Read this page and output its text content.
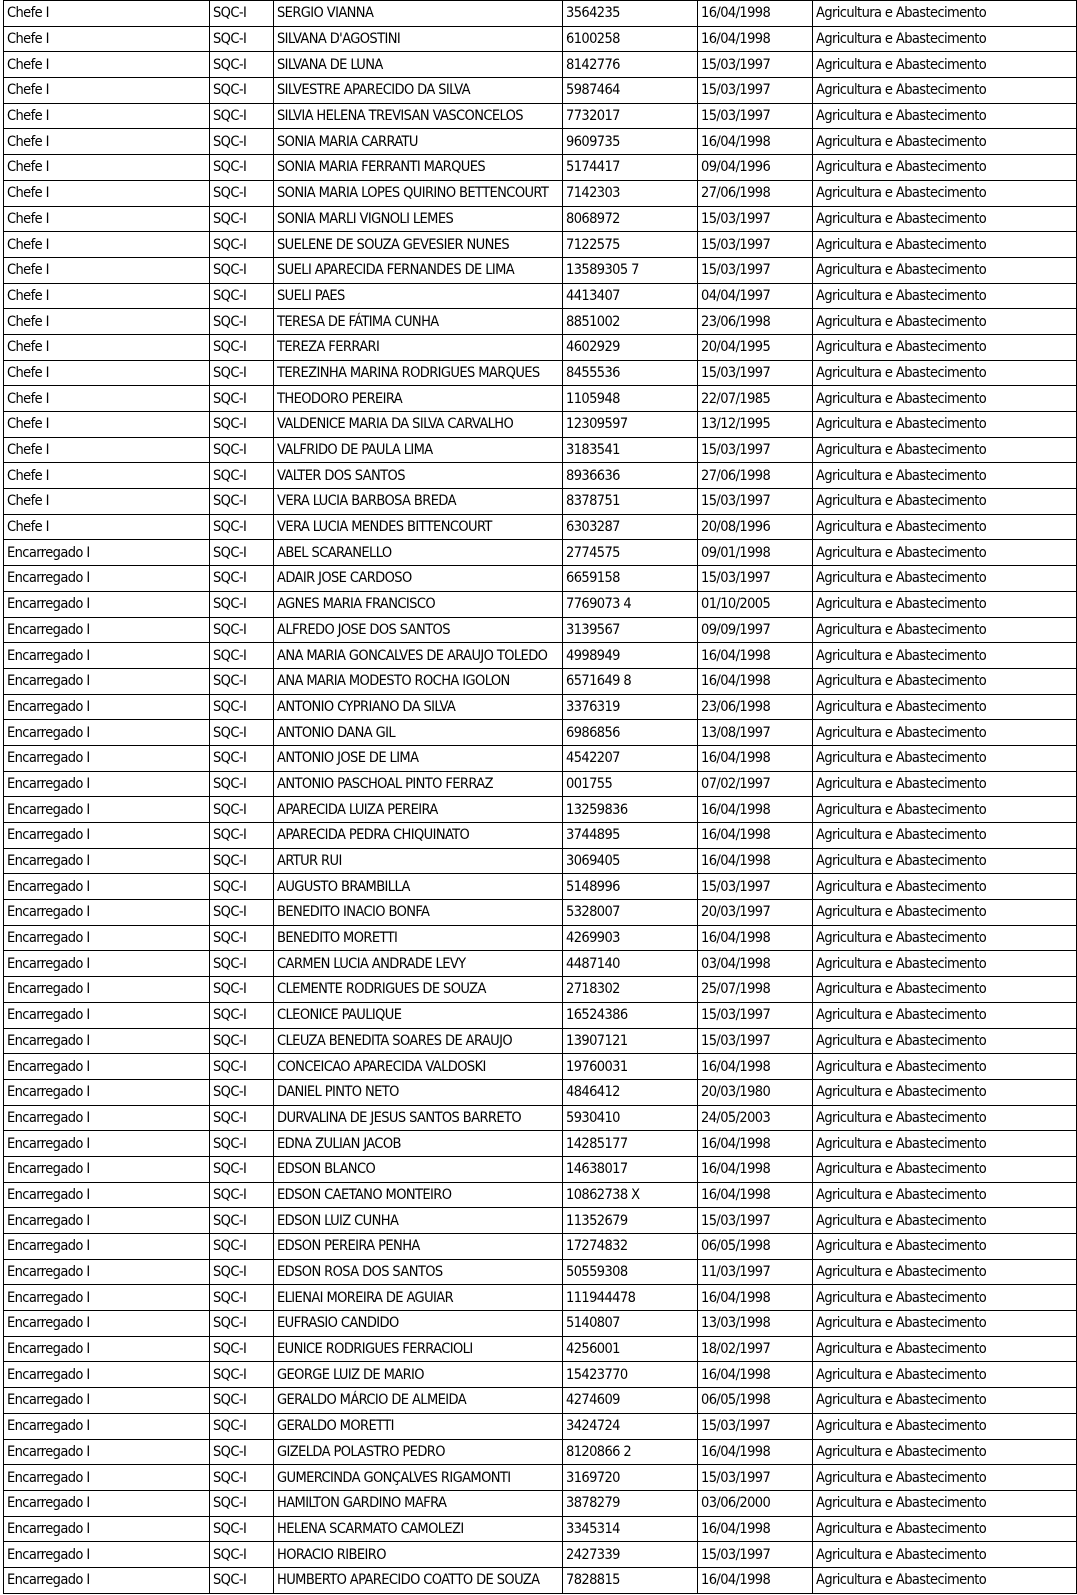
Chefe I	SQC-I	SERGIO VIANNA	3564235	16/04/1998	Agricultura e Abastecimento
Chefe I	SQC-I	SILVANA D'AGOSTINI	6100258	16/04/1998	Agricultura e Abastecimento
Chefe I	SQC-I	SILVANA DE LUNA	8142776	15/03/1997	Agricultura e Abastecimento
Chefe I	SQC-I	SILVESTRE APARECIDO DA SILVA	5987464	15/03/1997	Agricultura e Abastecimento
Chefe I	SQC-I	SILVIA HELENA TREVISAN VASCONCELOS	7732017	15/03/1997	Agricultura e Abastecimento
Chefe I	SQC-I	SONIA MARIA CARRATU	9609735	16/04/1998	Agricultura e Abastecimento
Chefe I	SQC-I	SONIA MARIA FERRANTI MARQUES	5174417	09/04/1996	Agricultura e Abastecimento
Chefe I	SQC-I	SONIA MARIA LOPES QUIRINO BETTENCOURT	7142303	27/06/1998	Agricultura e Abastecimento
Chefe I	SQC-I	SONIA MARLI VIGNOLI LEMES	8068972	15/03/1997	Agricultura e Abastecimento
Chefe I	SQC-I	SUELENE DE SOUZA GEVESIER NUNES	7122575	15/03/1997	Agricultura e Abastecimento
Chefe I	SQC-I	SUELI APARECIDA FERNANDES DE LIMA	13589305 7	15/03/1997	Agricultura e Abastecimento
Chefe I	SQC-I	SUELI PAES	4413407	04/04/1997	Agricultura e Abastecimento
Chefe I	SQC-I	TERESA DE FÁTIMA CUNHA	8851002	23/06/1998	Agricultura e Abastecimento
Chefe I	SQC-I	TEREZA FERRARI	4602929	20/04/1995	Agricultura e Abastecimento
Chefe I	SQC-I	TEREZINHA MARINA RODRIGUES MARQUES	8455536	15/03/1997	Agricultura e Abastecimento
Chefe I	SQC-I	THEODORO PEREIRA	1105948	22/07/1985	Agricultura e Abastecimento
Chefe I	SQC-I	VALDENICE MARIA DA SILVA CARVALHO	12309597	13/12/1995	Agricultura e Abastecimento
Chefe I	SQC-I	VALFRIDO DE PAULA LIMA	3183541	15/03/1997	Agricultura e Abastecimento
Chefe I	SQC-I	VALTER DOS SANTOS	8936636	27/06/1998	Agricultura e Abastecimento
Chefe I	SQC-I	VERA LUCIA BARBOSA BREDA	8378751	15/03/1997	Agricultura e Abastecimento
Chefe I	SQC-I	VERA LUCIA MENDES BITTENCOURT	6303287	20/08/1996	Agricultura e Abastecimento
Encarregado I	SQC-I	ABEL SCARANELLO	2774575	09/01/1998	Agricultura e Abastecimento
Encarregado I	SQC-I	ADAIR JOSE CARDOSO	6659158	15/03/1997	Agricultura e Abastecimento
Encarregado I	SQC-I	AGNES MARIA FRANCISCO	7769073 4	01/10/2005	Agricultura e Abastecimento
Encarregado I	SQC-I	ALFREDO JOSE DOS SANTOS	3139567	09/09/1997	Agricultura e Abastecimento
Encarregado I	SQC-I	ANA MARIA GONCALVES DE ARAUJO TOLEDO	4998949	16/04/1998	Agricultura e Abastecimento
Encarregado I	SQC-I	ANA MARIA MODESTO ROCHA IGOLON	6571649 8	16/04/1998	Agricultura e Abastecimento
Encarregado I	SQC-I	ANTONIO CYPRIANO DA SILVA	3376319	23/06/1998	Agricultura e Abastecimento
Encarregado I	SQC-I	ANTONIO DANA GIL	6986856	13/08/1997	Agricultura e Abastecimento
Encarregado I	SQC-I	ANTONIO JOSE DE LIMA	4542207	16/04/1998	Agricultura e Abastecimento
Encarregado I	SQC-I	ANTONIO PASCHOAL PINTO FERRAZ	001755	07/02/1997	Agricultura e Abastecimento
Encarregado I	SQC-I	APARECIDA LUIZA PEREIRA	13259836	16/04/1998	Agricultura e Abastecimento
Encarregado I	SQC-I	APARECIDA PEDRA CHIQUINATO	3744895	16/04/1998	Agricultura e Abastecimento
Encarregado I	SQC-I	ARTUR RUI	3069405	16/04/1998	Agricultura e Abastecimento
Encarregado I	SQC-I	AUGUSTO BRAMBILLA	5148996	15/03/1997	Agricultura e Abastecimento
Encarregado I	SQC-I	BENEDITO INACIO BONFA	5328007	20/03/1997	Agricultura e Abastecimento
Encarregado I	SQC-I	BENEDITO MORETTI	4269903	16/04/1998	Agricultura e Abastecimento
Encarregado I	SQC-I	CARMEN LUCIA ANDRADE LEVY	4487140	03/04/1998	Agricultura e Abastecimento
Encarregado I	SQC-I	CLEMENTE RODRIGUES DE SOUZA	2718302	25/07/1998	Agricultura e Abastecimento
Encarregado I	SQC-I	CLEONICE PAULIQUE	16524386	15/03/1997	Agricultura e Abastecimento
Encarregado I	SQC-I	CLEUZA BENEDITA SOARES DE ARAUJO	13907121	15/03/1997	Agricultura e Abastecimento
Encarregado I	SQC-I	CONCEICAO APARECIDA VALDOSKI	19760031	16/04/1998	Agricultura e Abastecimento
Encarregado I	SQC-I	DANIEL PINTO NETO	4846412	20/03/1980	Agricultura e Abastecimento
Encarregado I	SQC-I	DURVALINA DE JESUS SANTOS BARRETO	5930410	24/05/2003	Agricultura e Abastecimento
Encarregado I	SQC-I	EDNA ZULIAN JACOB	14285177	16/04/1998	Agricultura e Abastecimento
Encarregado I	SQC-I	EDSON BLANCO	14638017	16/04/1998	Agricultura e Abastecimento
Encarregado I	SQC-I	EDSON CAETANO MONTEIRO	10862738 X	16/04/1998	Agricultura e Abastecimento
Encarregado I	SQC-I	EDSON LUIZ CUNHA	11352679	15/03/1997	Agricultura e Abastecimento
Encarregado I	SQC-I	EDSON PEREIRA PENHA	17274832	06/05/1998	Agricultura e Abastecimento
Encarregado I	SQC-I	EDSON ROSA DOS SANTOS	50559308	11/03/1997	Agricultura e Abastecimento
Encarregado I	SQC-I	ELIENAI MOREIRA DE AGUIAR	111944478	16/04/1998	Agricultura e Abastecimento
Encarregado I	SQC-I	EUFRASIO CANDIDO	5140807	13/03/1998	Agricultura e Abastecimento
Encarregado I	SQC-I	EUNICE RODRIGUES FERRACIOLI	4256001	18/02/1997	Agricultura e Abastecimento
Encarregado I	SQC-I	GEORGE LUIZ DE MARIO	15423770	16/04/1998	Agricultura e Abastecimento
Encarregado I	SQC-I	GERALDO MÁRCIO DE ALMEIDA	4274609	06/05/1998	Agricultura e Abastecimento
Encarregado I	SQC-I	GERALDO MORETTI	3424724	15/03/1997	Agricultura e Abastecimento
Encarregado I	SQC-I	GIZELDA POLASTRO PEDRO	8120866 2	16/04/1998	Agricultura e Abastecimento
Encarregado I	SQC-I	GUMERCINDA GONÇALVES RIGAMONTI	3169720	15/03/1997	Agricultura e Abastecimento
Encarregado I	SQC-I	HAMILTON GARDINO MAFRA	3878279	03/06/2000	Agricultura e Abastecimento
Encarregado I	SQC-I	HELENA SCARMATO CAMOLEZI	3345314	16/04/1998	Agricultura e Abastecimento
Encarregado I	SQC-I	HORACIO RIBEIRO	2427339	15/03/1997	Agricultura e Abastecimento
Encarregado I	SQC-I	HUMBERTO APARECIDO COATTO DE SOUZA	7828815	16/04/1998	Agricultura e Abastecimento
